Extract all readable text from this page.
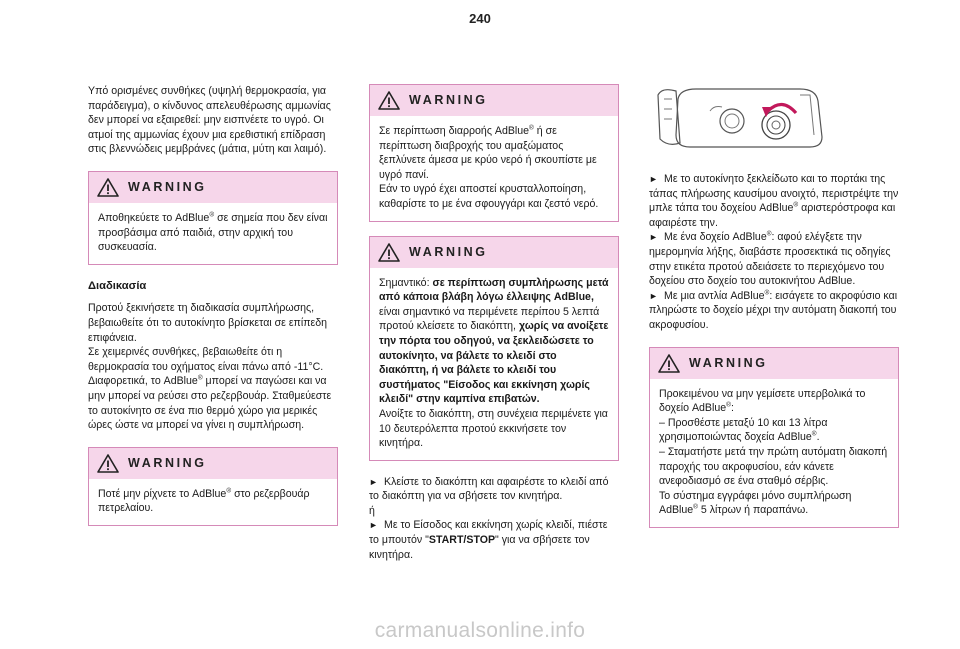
240

Υπό ορισμένες συνθήκες (υψηλή θερμοκρασία, για παράδειγμα), ο κίνδυνος απελευθέρωσης αμμωνίας δεν μπορεί να εξαιρεθεί: μην εισπνέετε το υγρό. Οι ατμοί της αμμωνίας έχουν μια ερεθιστική επίδραση στις βλεννώδεις μεμβράνες (μάτια, μύτη και λαιμό).

WARNING

Αποθηκεύετε το AdBlue® σε σημεία που δεν είναι προσβάσιμα από παιδιά, στην αρχική του συσκευασία.

Διαδικασία

Προτού ξεκινήσετε τη διαδικασία συμπλήρωσης, βεβαιωθείτε ότι το αυτοκίνητο βρίσκεται σε επίπεδη επιφάνεια.

Σε χειμερινές συνθήκες, βεβαιωθείτε ότι η θερμοκρασία του οχήματος είναι πάνω από -11°C. Διαφορετικά, το AdBlue® μπορεί να παγώσει και να μην μπορεί να ρεύσει στο ρεζερβουάρ. Σταθμεύεστε το αυτοκίνητο σε ένα πιο θερμό χώρο για μερικές ώρες ώστε να μπορεί να γίνει η συμπλήρωση.

WARNING

Ποτέ μην ρίχνετε το AdBlue® στο ρεζερβουάρ πετρελαίου.

WARNING

Σε περίπτωση διαρροής AdBlue® ή σε περίπτωση διαβροχής του αμαξώματος ξεπλύνετε άμεσα με κρύο νερό ή σκουπίστε με υγρό πανί.

Εάν το υγρό έχει αποστεί κρυσταλλοποίηση, καθαρίστε το με ένα σφουγγάρι και ζεστό νερό.

WARNING

Σημαντικό: σε περίπτωση συμπλήρωσης μετά από κάποια βλάβη λόγω έλλειψης AdBlue, είναι σημαντικό να περιμένετε περίπου 5 λεπτά προτού κλείσετε το διακόπτη, χωρίς να ανοίξετε την πόρτα του οδηγού, να ξεκλειδώσετε το αυτοκίνητο, να βάλετε το κλειδί στο διακόπτη, ή να βάλετε το κλειδί του συστήματος "Είσοδος και εκκίνηση χωρίς κλειδί" στην καμπίνα επιβατών.

Ανοίξτε το διακόπτη, στη συνέχεια περιμένετε για 10 δευτερόλεπτα προτού εκκινήσετε τον κινητήρα.

► Κλείστε το διακόπτη και αφαιρέστε το κλειδί από το διακόπτη για να σβήσετε τον κινητήρα.

ή

► Με το Είσοδος και εκκίνηση χωρίς κλειδί, πιέστε το μπουτόν "START/STOP" για να σβήσετε τον κινητήρα.

► Με το αυτοκίνητο ξεκλείδωτο και το πορτάκι της τάπας πλήρωσης καυσίμου ανοιχτό, περιστρέψτε την μπλε τάπα του δοχείου AdBlue® αριστερόστροφα και αφαιρέστε την.

► Με ένα δοχείο AdBlue®: αφού ελέγξετε την ημερομηνία λήξης, διαβάστε προσεκτικά τις οδηγίες στην ετικέτα προτού αδειάσετε το περιεχόμενο του δοχείου στο δοχείο του αυτοκινήτου AdBlue.

► Με μια αντλία AdBlue®: εισάγετε το ακροφύσιο και πληρώστε το δοχείο μέχρι την αυτόματη διακοπή του ακροφυσίου.

WARNING

Προκειμένου να μην γεμίσετε υπερβολικά το δοχείο AdBlue®:

– Προσθέστε μεταξύ 10 και 13 λίτρα χρησιμοποιώντας δοχεία AdBlue®.

– Σταματήστε μετά την πρώτη αυτόματη διακοπή παροχής του ακροφυσίου, εάν κάνετε ανεφοδιασμό σε ένα σταθμό σέρβις.

Το σύστημα εγγράφει μόνο συμπλήρωση AdBlue® 5 λίτρων ή παραπάνω.

carmanualsonline.info
